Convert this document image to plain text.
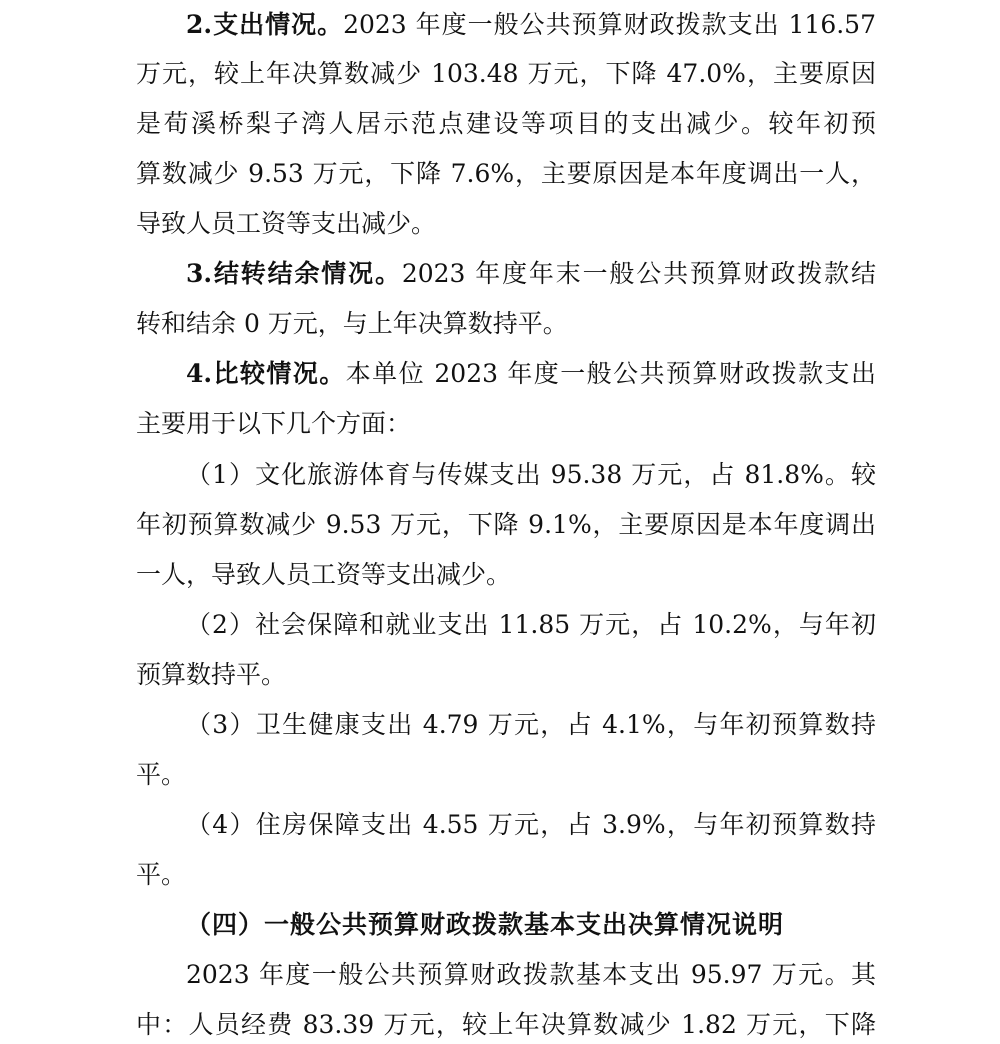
2.支出情况。2023 年度一般公共预算财政拨款支出 116.57
万元，较上年决算数减少 103.48 万元，下降 47.0%，主要原因
是荀溪桥梨子湾人居示范点建设等项目的支出减少。较年初预
算数减少 9.53 万元，下降 7.6%，主要原因是本年度调出一人，
导致人员工资等支出减少。
3.结转结余情况。2023 年度年末一般公共预算财政拨款结
转和结余 0 万元，与上年决算数持平。
4.比较情况。本单位 2023 年度一般公共预算财政拨款支出
主要用于以下几个方面：
（1）文化旅游体育与传媒支出 95.38 万元，占 81.8%。较
年初预算数减少 9.53 万元，下降 9.1%，主要原因是本年度调出
一人，导致人员工资等支出减少。
（2）社会保障和就业支出 11.85 万元，占 10.2%，与年初
预算数持平。
（3）卫生健康支出 4.79 万元，占 4.1%，与年初预算数持
平。
（4）住房保障支出 4.55 万元，占 3.9%，与年初预算数持
平。
（四）一般公共预算财政拨款基本支出决算情况说明
2023 年度一般公共预算财政拨款基本支出 95.97 万元。其
中：人员经费 83.39 万元，较上年决算数减少 1.82 万元，下降
